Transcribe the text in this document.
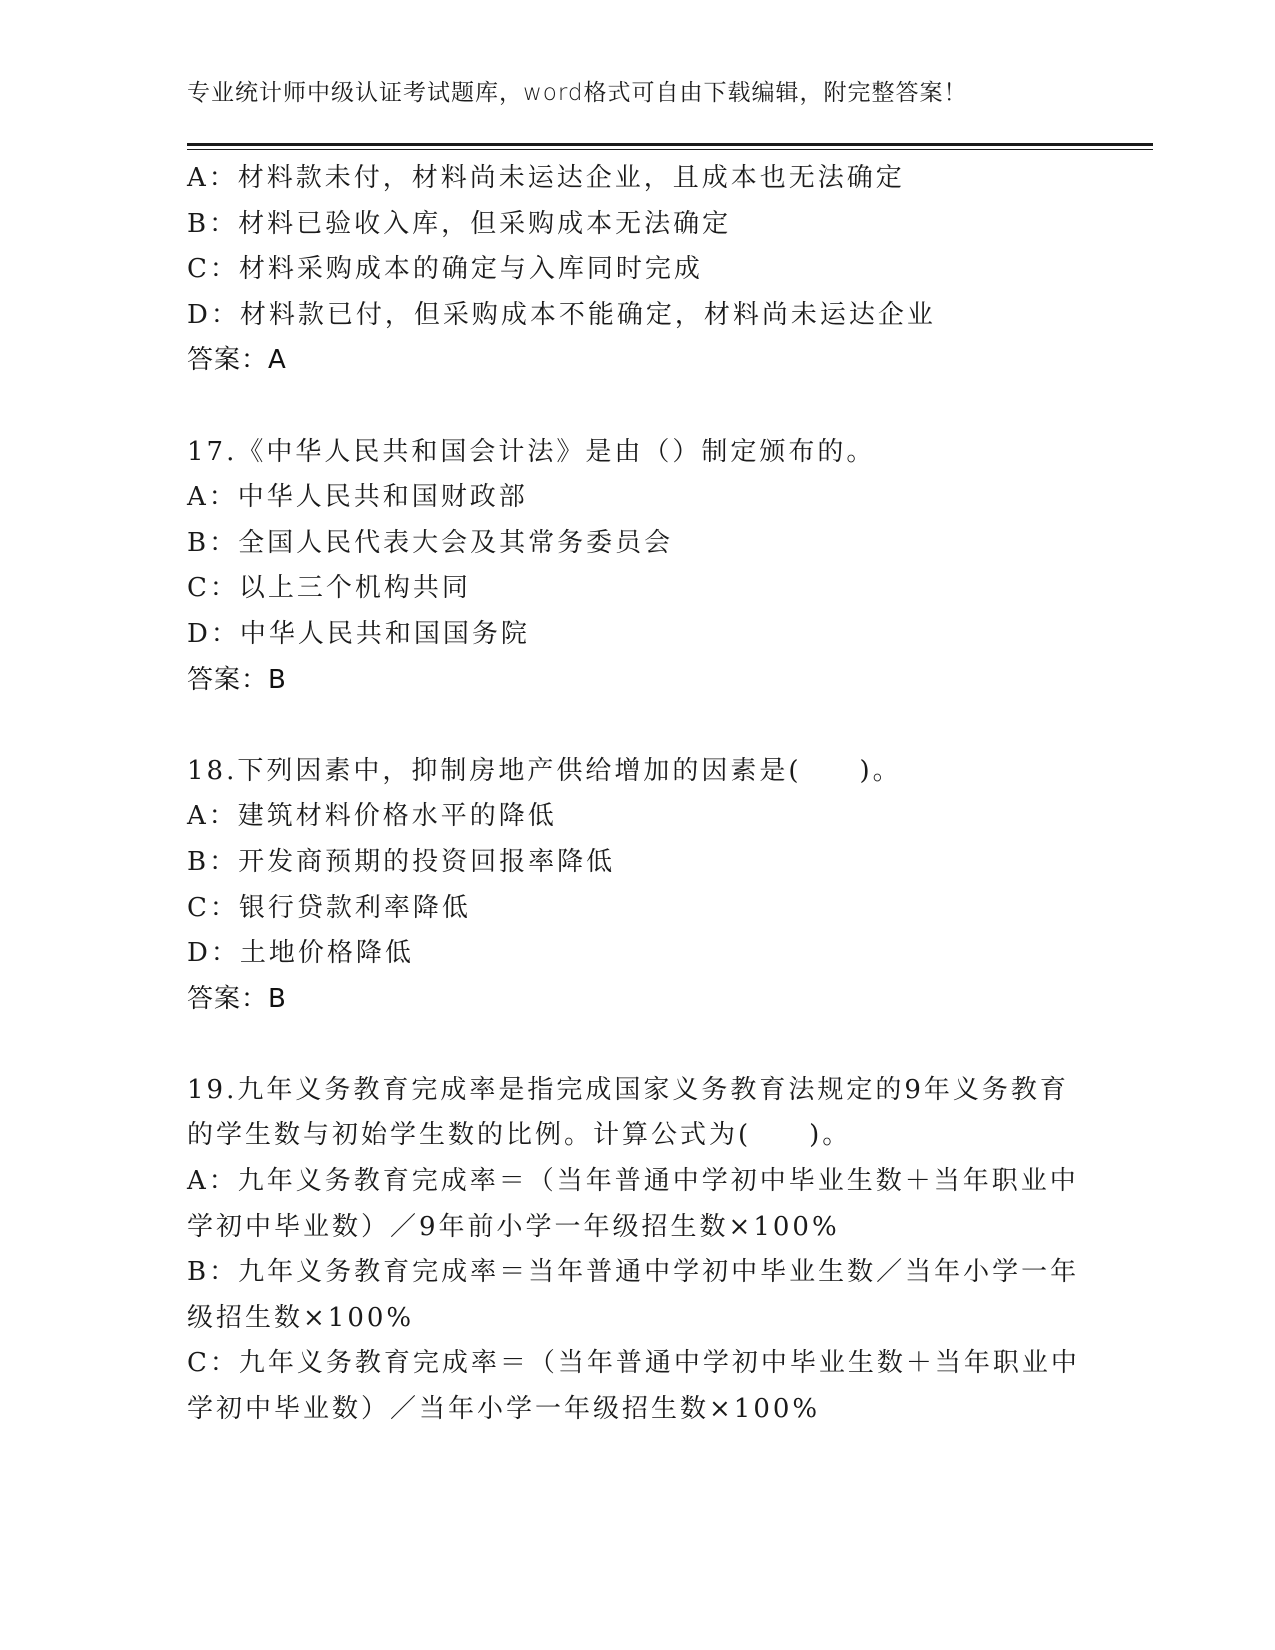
专业统计师中级认证考试题库，word格式可自由下载编辑，附完整答案！
A：材料款未付，材料尚未运达企业，且成本也无法确定
B：材料已验收入库，但采购成本无法确定
C：材料采购成本的确定与入库同时完成
D：材料款已付，但采购成本不能确定，材料尚未运达企业
答案：A
17.《中华人民共和国会计法》是由（）制定颁布的。
A：中华人民共和国财政部
B：全国人民代表大会及其常务委员会
C：以上三个机构共同
D：中华人民共和国国务院
答案：B
18.下列因素中，抑制房地产供给增加的因素是(　　)。
A：建筑材料价格水平的降低
B：开发商预期的投资回报率降低
C：银行贷款利率降低
D：土地价格降低
答案：B
19.九年义务教育完成率是指完成国家义务教育法规定的9年义务教育
的学生数与初始学生数的比例。计算公式为(　　)。
A：九年义务教育完成率＝（当年普通中学初中毕业生数＋当年职业中
学初中毕业数）／9年前小学一年级招生数×100%
B：九年义务教育完成率＝当年普通中学初中毕业生数／当年小学一年
级招生数×100%
C：九年义务教育完成率＝（当年普通中学初中毕业生数＋当年职业中
学初中毕业数）／当年小学一年级招生数×100%
